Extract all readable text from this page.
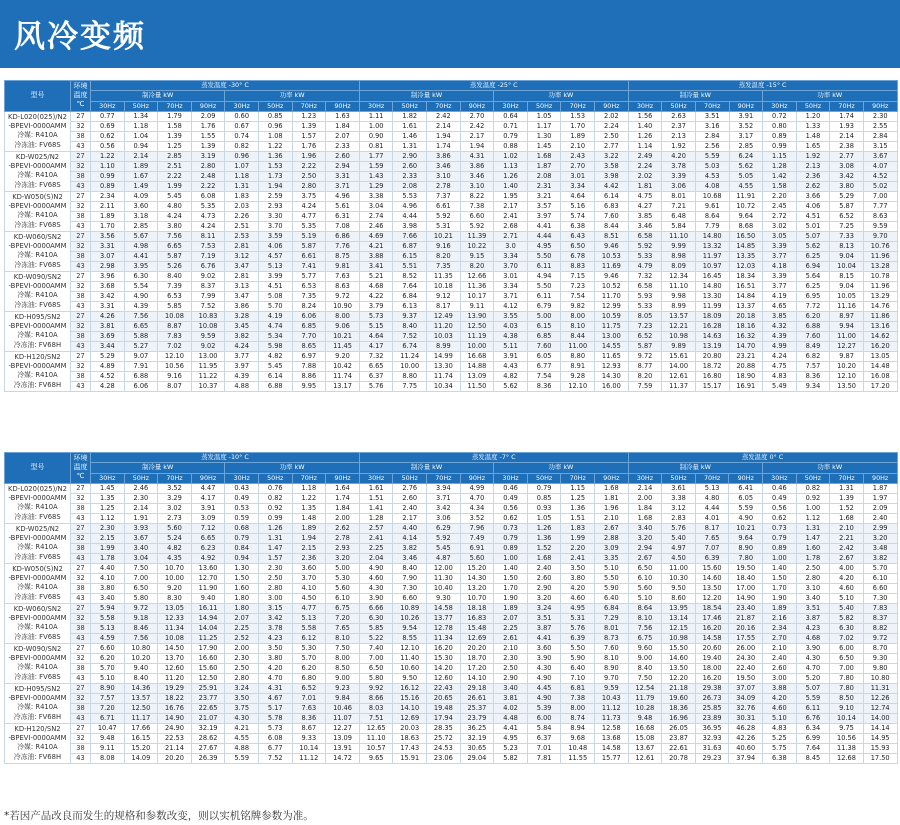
风冷变频
型号	环境温度 ℃	蒸发温度 -30° C								蒸发温度 -25° C								蒸发温度 -15° C							
		制冷量 kW				功率 kW				制冷量 kW				功率 kW				制冷量 kW				功率 kW			
		30Hz	50Hz	70Hz	90Hz	30Hz	50Hz	70Hz	90Hz	30Hz	50Hz	70Hz	90Hz	30Hz	50Hz	70Hz	90Hz	30Hz	50Hz	70Hz	90Hz	30Hz	50Hz	70Hz	90Hz

KD-L020(025)/N2
-BPEVI-0000AMM
冷媒: R410A
冷冻油: FV68S	27	0.77	1.34	1.79	2.09	0.60	0.85	1.23	1.63	1.11	1.82	2.42	2.70	0.64	1.05	1.53	2.02	1.56	2.63	3.51	3.91	0.72	1.20	1.74	2.30
	32	0.69	1.18	1.58	1.76	0.67	0.96	1.39	1.84	1.00	1.61	2.14	2.42	0.71	1.17	1.70	2.24	1.40	2.37	3.16	3.52	0.80	1.33	1.93	2.55
	38	0.62	1.04	1.39	1.55	0.74	1.08	1.57	2.07	0.90	1.46	1.94	2.17	0.79	1.30	1.89	2.50	1.26	2.13	2.84	3.17	0.89	1.48	2.14	2.84
	43	0.56	0.94	1.25	1.39	0.82	1.22	1.76	2.33	0.81	1.31	1.74	1.94	0.88	1.45	2.10	2.77	1.14	1.92	2.56	2.85	0.99	1.65	2.38	3.15

KD-W025/N2
-BPEVI-0000AMM
冷媒: R410A
冷冻油: FV68S	27	1.22	2.14	2.85	3.19	0.96	1.36	1.96	2.60	1.77	2.90	3.86	4.31	1.02	1.68	2.43	3.22	2.49	4.20	5.59	6.24	1.15	1.92	2.77	3.67
	32	1.10	1.89	2.51	2.80	1.07	1.53	2.22	2.94	1.59	2.60	3.46	3.86	1.13	1.87	2.70	3.58	2.24	3.78	5.03	5.62	1.28	2.13	3.08	4.07
	38	0.99	1.67	2.22	2.48	1.18	1.73	2.50	3.31	1.43	2.33	3.10	3.46	1.26	2.08	3.01	3.98	2.02	3.39	4.53	5.05	1.42	2.36	3.42	4.52
	43	0.89	1.49	1.99	2.22	1.31	1.94	2.80	3.71	1.29	2.08	2.78	3.10	1.40	2.31	3.34	4.42	1.81	3.06	4.08	4.55	1.58	2.62	3.80	5.02

KD-W050(S)N2
-BPEVI-0000AMM
冷媒: R410A
冷冻油: FV68S	27	2.34	4.09	5.45	6.08	1.83	2.59	3.75	4.96	3.38	5.53	7.37	8.22	1.95	3.21	4.64	6.14	4.75	8.01	10.68	11.91	2.20	3.66	5.29	7.00
	32	2.11	3.60	4.80	5.35	2.03	2.93	4.24	5.61	3.04	4.96	6.61	7.38	2.17	3.57	5.16	6.83	4.27	7.21	9.61	10.72	2.45	4.06	5.87	7.77
	38	1.89	3.18	4.24	4.73	2.26	3.30	4.77	6.31	2.74	4.44	5.92	6.60	2.41	3.97	5.74	7.60	3.85	6.48	8.64	9.64	2.72	4.51	6.52	8.63
	43	1.70	2.85	3.80	4.24	2.51	3.70	5.35	7.08	2.46	3.98	5.31	5.92	2.68	4.41	6.38	8.44	3.46	5.84	7.79	8.68	3.02	5.01	7.25	9.59

KD-W060/SN2
-BPEVI-0000AMM
冷媒: R410A
冷冻油: FV68S	27	3.56	5.67	7.56	8.11	2.53	3.59	5.19	6.86	4.69	7.66	10.21	11.39	2.71	4.44	6.43	8.51	6.58	11.10	14.80	16.50	3.05	5.07	7.33	9.70
	32	3.31	4.98	6.65	7.53	2.81	4.06	5.87	7.76	4.21	6.87	9.16	10.22	3.0	4.95	6.50	9.46	5.92	9.99	13.32	14.85	3.39	5.62	8.13	10.76
	38	3.07	4.41	5.87	7.19	3.12	4.57	6.61	8.75	3.88	6.15	8.20	9.15	3.34	5.50	6.78	10.53	5.33	8.98	11.97	13.35	3.77	6.25	9.04	11.96
	43	2.98	3.95	5.26	6.76	3.47	5.13	7.41	9.81	3.41	5.51	7.35	8.20	3.70	6.11	8.83	11.69	4.79	8.09	10.97	12.03	4.18	6.94	10.04	13.28

KD-W090/SN2
-BPEVI-0000AMM
冷媒: R410A
冷冻油: FV68S	27	3.96	6.30	8.40	9.02	2.81	3.99	5.77	7.63	5.21	8.52	11.35	12.66	3.01	4.94	7.15	9.46	7.32	12.34	16.45	18.34	3.39	5.64	8.15	10.78
	32	3.68	5.54	7.39	8.37	3.13	4.51	6.53	8.63	4.68	7.64	10.18	11.36	3.34	5.50	7.23	10.52	6.58	11.10	14.80	16.51	3.77	6.25	9.04	11.96
	38	3.42	4.90	6.53	7.99	3.47	5.08	7.35	9.72	4.22	6.84	9.12	10.17	3.71	6.11	7.54	11.70	5.93	9.98	13.30	14.84	4.19	6.95	10.05	13.29
	43	3.31	4.39	5.85	7.52	3.86	5.70	8.24	10.90	3.79	6.13	8.17	9.11	4.12	6.79	9.82	12.99	5.33	8.99	11.99	13.37	4.65	7.72	11.16	14.76

KD-H095/SN2
-BPEVI-0000AMM
冷媒: R410A
冷冻油: FV68H	27	4.26	7.56	10.08	10.83	3.28	4.19	6.06	8.00	5.73	9.37	12.49	13.90	3.55	5.00	8.00	10.59	8.05	13.57	18.09	20.18	3.85	6.20	8.97	11.86
	32	3.81	6.65	8.87	10.08	3.45	4.74	6.85	9.06	5.15	8.40	11.20	12.50	4.03	6.15	8.10	11.75	7.23	12.21	16.28	18.16	4.32	6.88	9.94	13.16
	38	3.69	5.88	7.83	9.59	3.82	5.34	7.70	10.21	4.64	7.52	10.03	11.19	4.38	6.85	8.44	13.00	6.52	10.98	14.63	16.32	4.39	7.60	11.00	14.62
	43	3.44	5.27	7.02	9.02	4.24	5.98	8.65	11.45	4.17	6.74	8.99	10.00	5.11	7.60	11.00	14.55	5.87	9.89	13.19	14.70	4.99	8.49	12.27	16.20

KD-H120/SN2
-BPEVI-0000AMM
冷媒: R410A
冷冻油: FV68H	27	5.29	9.07	12.10	13.00	3.77	4.82	6.97	9.20	7.32	11.24	14.99	16.68	3.91	6.05	8.80	11.65	9.72	15.61	20.80	23.21	4.24	6.82	9.87	13.05
	32	4.89	7.91	10.56	11.95	3.97	5.45	7.88	10.42	6.65	10.00	13.30	14.88	4.43	6.77	8.91	12.93	8.77	14.00	18.72	20.88	4.75	7.57	10.20	14.48
	38	4.52	6.88	9.16	11.22	4.39	6.14	8.86	11.74	6.37	8.80	11.74	13.09	4.82	7.54	9.28	14.30	8.20	12.61	16.80	18.90	4.83	8.36	12.10	16.08
	43	4.28	6.06	8.07	10.37	4.88	6.88	9.95	13.17	5.76	7.75	10.34	11.50	5.62	8.36	12.10	16.00	7.59	11.37	15.17	16.91	5.49	9.34	13.50	17.20
型号	环境温度 ℃	蒸发温度 -10° C								蒸发温度 -7° C								蒸发温度 0° C							
		制冷量 kW				功率 kW				制冷量 kW				功率 kW				制冷量 kW				功率 kW			
		30Hz	50Hz	70Hz	90Hz	30Hz	50Hz	70Hz	90Hz	30Hz	50Hz	70Hz	90Hz	30Hz	50Hz	70Hz	90Hz	30Hz	50Hz	70Hz	90Hz	30Hz	50Hz	70Hz	90Hz

KD-L020(025)/N2
-BPEVI-0000AMM
冷媒: R410A
冷冻油: FV68S	27	1.45	2.46	3.52	4.47	0.43	0.76	1.18	1.64	1.61	2.76	3.94	4.99	0.46	0.79	1.15	1.68	2.14	3.61	5.13	6.41	0.46	0.82	1.31	1.87
	32	1.35	2.30	3.29	4.17	0.49	0.82	1.22	1.74	1.51	2.60	3.71	4.70	0.49	0.85	1.25	1.81	2.00	3.38	4.80	6.05	0.49	0.92	1.39	1.97
	38	1.25	2.14	3.02	3.91	0.53	0.92	1.35	1.84	1.41	2.40	3.42	4.34	0.56	0.93	1.36	1.96	1.84	3.12	4.44	5.59	0.56	1.00	1.52	2.09
	43	1.12	1.91	2.73	3.09	0.59	0.99	1.48	2.00	1.28	2.17	3.06	3.52	0.62	1.05	1.51	2.10	1.68	2.83	4.01	4.90	0.62	1.12	1.68	2.40

KD-W025/N2
-BPEVI-0000AMM
冷媒: R410A
冷冻油: FV68S	27	2.30	3.93	5.60	7.12	0.68	1.26	1.89	2.62	2.57	4.40	6.29	7.96	0.73	1.26	1.83	2.67	3.40	5.76	8.17	10.21	0.73	1.31	2.10	2.99
	32	2.15	3.67	5.24	6.65	0.79	1.31	1.94	2.78	2.41	4.14	5.92	7.49	0.79	1.36	1.99	2.88	3.20	5.40	7.65	9.64	0.79	1.47	2.21	3.20
	38	1.99	3.40	4.82	6.23	0.84	1.47	2.15	2.93	2.25	3.82	5.45	6.91	0.89	1.52	2.20	3.09	2.94	4.97	7.07	8.90	0.89	1.60	2.42	3.48
	43	1.78	3.04	4.35	4.92	0.94	1.57	2.36	3.20	2.04	3.46	4.87	5.60	1.00	1.68	2.41	3.35	2.67	4.50	6.39	7.80	1.00	1.78	2.67	3.82

KD-W050(S)N2
-BPEVI-0000AMM
冷媒: R410A
冷冻油: FV68S	27	4.40	7.50	10.70	13.60	1.30	2.30	3.60	5.00	4.90	8.40	12.00	15.20	1.40	2.40	3.50	5.10	6.50	11.00	15.60	19.50	1.40	2.50	4.00	5.70
	32	4.10	7.00	10.00	12.70	1.50	2.50	3.70	5.30	4.60	7.90	11.30	14.30	1.50	2.60	3.80	5.50	6.10	10.30	14.60	18.40	1.50	2.80	4.20	6.10
	38	3.80	6.50	9.20	11.90	1.60	2.80	4.10	5.60	4.30	7.30	10.40	13.20	1.70	2.90	4.20	5.90	5.60	9.50	13.50	17.00	1.70	3.10	4.60	6.60
	43	3.40	5.80	8.30	9.40	1.80	3.00	4.50	6.10	3.90	6.60	9.30	10.70	1.90	3.20	4.60	6.40	5.10	8.60	12.20	14.90	1.90	3.40	5.10	7.30

KD-W060/SN2
-BPEVI-0000AMM
冷媒: R410A
冷冻油: FV68S	27	5.94	9.72	13.05	16.11	1.80	3.15	4.77	6.75	6.66	10.89	14.58	18.18	1.89	3.24	4.95	6.84	8.64	13.95	18.54	23.40	1.89	3.51	5.40	7.83
	32	5.58	9.18	12.33	14.94	2.07	3.42	5.13	7.20	6.30	10.26	13.77	16.83	2.07	3.51	5.31	7.29	8.10	13.14	17.46	21.87	2.16	3.87	5.82	8.37
	38	5.13	8.46	11.34	14.04	2.25	3.78	5.58	7.65	5.85	9.54	12.78	15.48	2.25	3.87	5.76	8.01	7.56	12.15	16.20	20.16	2.34	4.23	6.30	8.82
	43	4.59	7.56	10.08	11.25	2.52	4.23	6.12	8.10	5.22	8.55	11.34	12.69	2.61	4.41	6.39	8.73	6.75	10.98	14.58	17.55	2.70	4.68	7.02	9.72

KD-W090/SN2
-BPEVI-0000AMM
冷媒: R410A
冷冻油: FV68S	27	6.60	10.80	14.50	17.90	2.00	3.50	5.30	7.50	7.40	12.10	16.20	20.20	2.10	3.60	5.50	7.60	9.60	15.50	20.60	26.00	2.10	3.90	6.00	8.70
	32	6.20	10.20	13.70	16.60	2.30	3.80	5.70	8.00	7.00	11.40	15.30	18.70	2.30	3.90	5.90	8.10	9.00	14.60	19.40	24.30	2.40	4.30	6.50	9.30
	38	5.70	9.40	12.60	15.60	2.50	4.20	6.20	8.50	6.50	10.60	14.20	17.20	2.50	4.30	6.40	8.90	8.40	13.50	18.00	22.40	2.60	4.70	7.00	9.80
	43	5.10	8.40	11.20	12.50	2.80	4.70	6.80	9.00	5.80	9.50	12.60	14.10	2.90	4.90	7.10	9.70	7.50	12.20	16.20	19.50	3.00	5.20	7.80	10.80

KD-H095/SN2
-BPEVI-0000AMM
冷媒: R410A
冷冻油: FV68H	27	8.90	14.36	19.29	25.91	3.24	4.31	6.52	9.23	9.92	16.12	22.43	29.18	3.40	4.45	6.81	9.59	12.54	21.18	29.38	37.07	3.88	5.07	7.80	11.31
	32	7.57	13.57	18.22	23.77	3.50	4.67	7.01	9.84	8.66	15.16	20.65	26.61	3.81	4.90	7.38	10.43	11.79	19.60	26.73	34.09	4.20	5.59	8.50	12.26
	38	7.20	12.50	16.76	22.65	3.75	5.17	7.63	10.46	8.03	14.10	19.48	25.37	4.02	5.39	8.00	11.12	10.28	18.36	25.85	32.76	4.60	6.11	9.10	12.74
	43	6.71	11.17	14.90	21.07	4.30	5.78	8.36	11.07	7.51	12.69	17.94	23.79	4.48	6.00	8.74	11.73	9.48	16.96	23.89	30.31	5.10	6.76	10.14	14.00

KD-H120/SN2
-BPEVI-0000AMM
冷媒: R410A
冷冻油: FV68H	27	10.47	17.66	24.90	32.19	4.21	5.73	8.67	12.27	12.65	20.03	28.35	36.25	4.41	5.84	8.94	12.58	16.68	26.05	36.95	46.28	4.83	6.34	9.75	14.14
	32	9.48	16.15	22.53	28.62	4.55	6.08	9.33	13.09	11.10	18.63	25.72	32.19	4.95	6.37	9.68	13.68	15.08	23.87	32.93	42.26	5.25	6.99	10.56	14.95
	38	9.11	15.20	21.14	27.67	4.88	6.77	10.14	13.91	10.57	17.43	24.53	30.65	5.23	7.01	10.48	14.58	13.67	22.61	31.63	40.60	5.75	7.64	11.38	15.93
	43	8.08	14.09	20.20	26.39	5.59	7.52	11.12	14.72	9.65	15.91	23.06	29.04	5.82	7.81	11.55	15.77	12.61	20.78	29.23	37.94	6.38	8.45	12.68	17.50
*若因产品改良而发生的规格和参数改变，则以实机铭牌参数为准。
